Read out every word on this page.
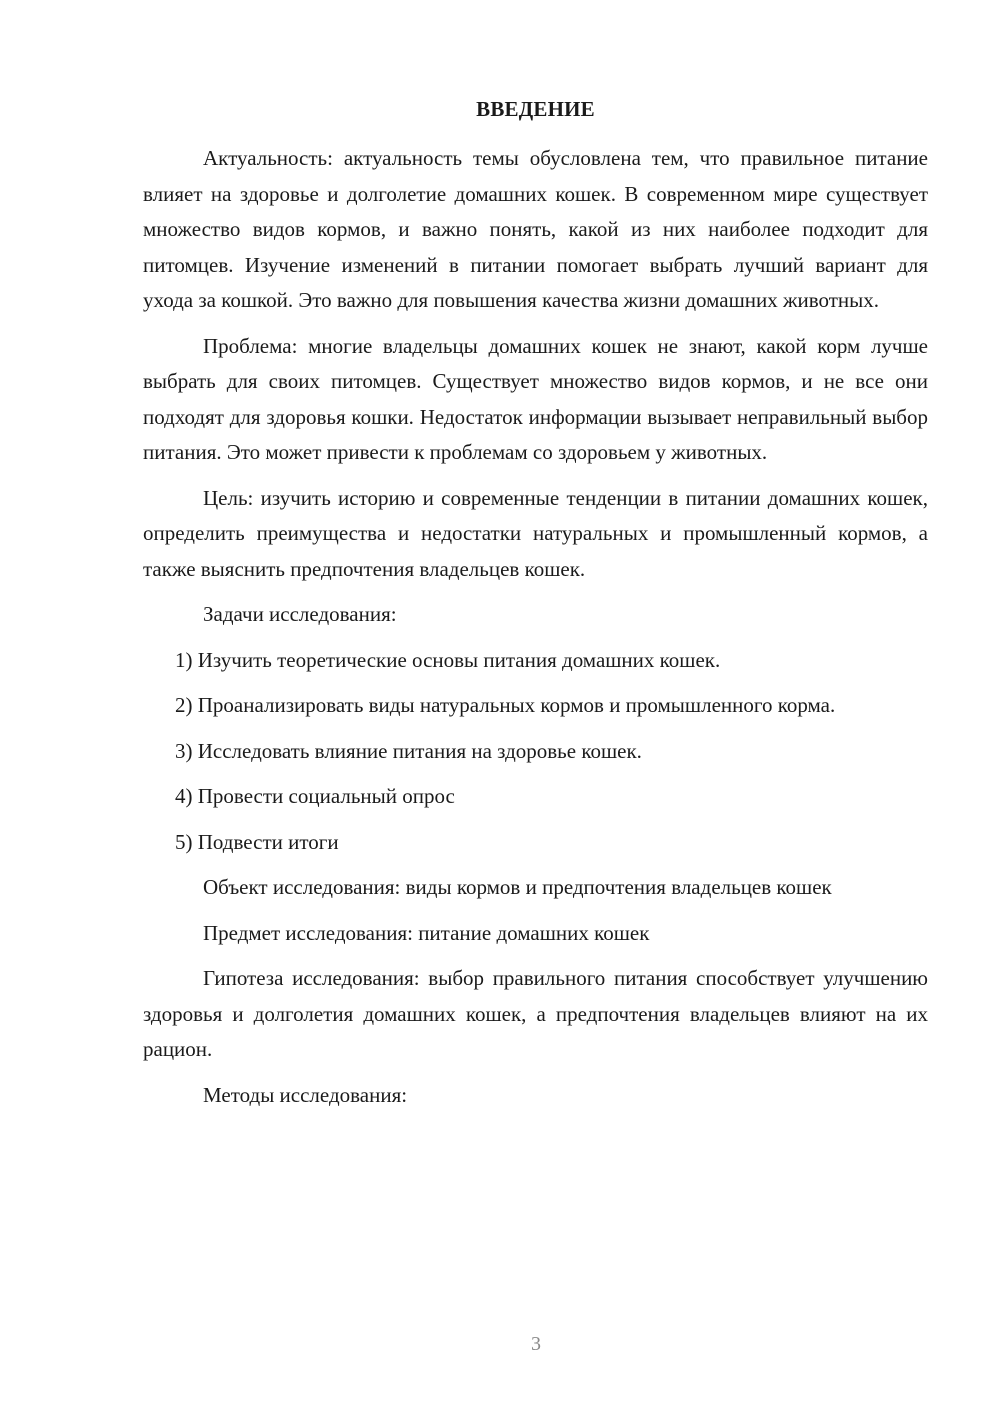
ВВЕДЕНИЕ

Актуальность: актуальность темы обусловлена тем, что правильное питание влияет на здоровье и долголетие домашних кошек. В современном мире существует множество видов кормов, и важно понять, какой из них наиболее подходит для питомцев. Изучение изменений в питании помогает выбрать лучший вариант для ухода за кошкой. Это важно для повышения качества жизни домашних животных.

Проблема: многие владельцы домашних кошек не знают, какой корм лучше выбрать для своих питомцев. Существует множество видов кормов, и не все они подходят для здоровья кошки. Недостаток информации вызывает неправильный выбор питания. Это может привести к проблемам со здоровьем у животных.

Цель: изучить историю и современные тенденции в питании домашних кошек, определить преимущества и недостатки натуральных и промышленный кормов, а также выяснить предпочтения владельцев кошек.

Задачи исследования:

1) Изучить теоретические основы питания домашних кошек.

2) Проанализировать виды натуральных кормов и промышленного корма.

3) Исследовать влияние питания на здоровье кошек.

4) Провести социальный опрос

5) Подвести итоги

Объект исследования: виды кормов и предпочтения владельцев кошек

Предмет исследования: питание домашних кошек

Гипотеза исследования: выбор правильного питания способствует улучшению здоровья и долголетия домашних кошек, а предпочтения владельцев влияют на их рацион.

Методы исследования:

3
